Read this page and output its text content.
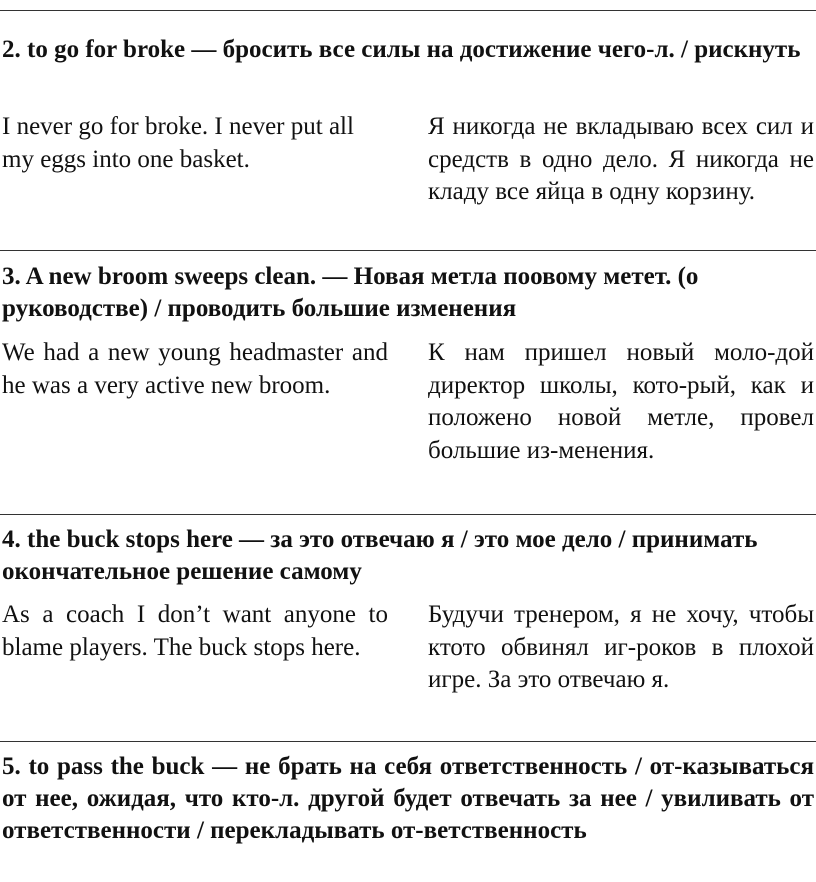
2. to go for broke — бросить все силы на достижение чего-л. / рискнуть

I never go for broke. I never put all my eggs into one basket.

Я никогда не вкладываю всех сил и средств в одно дело. Я никогда не кладу все яйца в одну корзину.

3. A new broom sweeps clean. — Новая метла поовому метет. (о руководстве) / проводить большие изменения

We had a new young headmaster and he was a very active new broom.

К нам пришел новый моло-дой директор школы, кото-рый, как и положено новой метле, провел большие из-менения.

4. the buck stops here — за это отвечаю я / это мое дело / принимать окончательное решение самому

As a coach I don’t want anyone to blame players. The buck stops here.

Будучи тренером, я не хочу, чтобы ктото обвинял иг-роков в плохой игре. За это отвечаю я.

5. to pass the buck — не брать на себя ответственность / от-казываться от нее, ожидая, что кто-л. другой будет отвечать за нее / увиливать от ответственности / перекладывать от-ветственность
